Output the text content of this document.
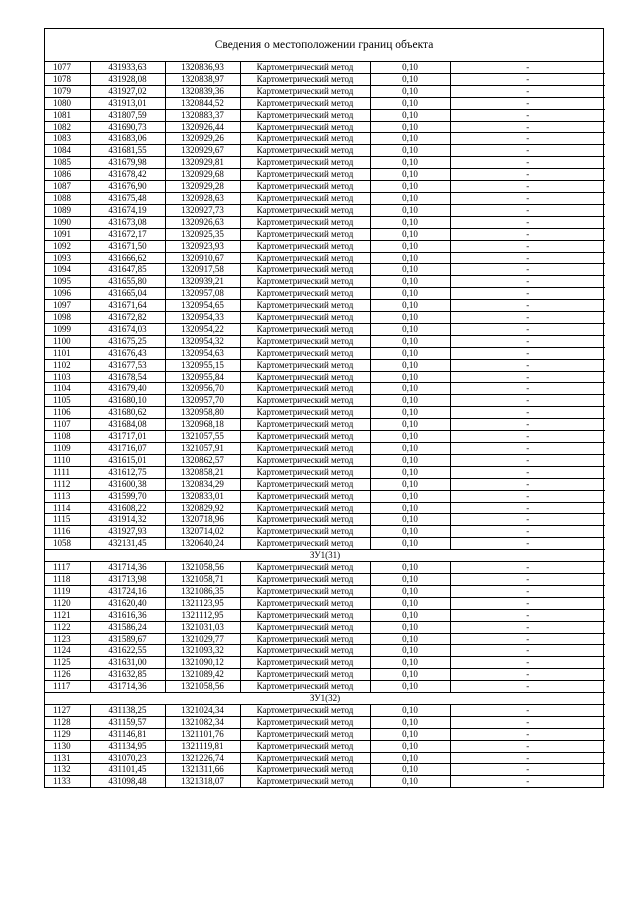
Сведения о местоположении границ объекта
1077	431933,63	1320836,93	Картометрический метод	0,10	-
1078	431928,08	1320838,97	Картометрический метод	0,10	-
1079	431927,02	1320839,36	Картометрический метод	0,10	-
1080	431913,01	1320844,52	Картометрический метод	0,10	-
1081	431807,59	1320883,37	Картометрический метод	0,10	-
1082	431690,73	1320926,44	Картометрический метод	0,10	-
1083	431683,06	1320929,26	Картометрический метод	0,10	-
1084	431681,55	1320929,67	Картометрический метод	0,10	-
1085	431679,98	1320929,81	Картометрический метод	0,10	-
1086	431678,42	1320929,68	Картометрический метод	0,10	-
1087	431676,90	1320929,28	Картометрический метод	0,10	-
1088	431675,48	1320928,63	Картометрический метод	0,10	-
1089	431674,19	1320927,73	Картометрический метод	0,10	-
1090	431673,08	1320926,63	Картометрический метод	0,10	-
1091	431672,17	1320925,35	Картометрический метод	0,10	-
1092	431671,50	1320923,93	Картометрический метод	0,10	-
1093	431666,62	1320910,67	Картометрический метод	0,10	-
1094	431647,85	1320917,58	Картометрический метод	0,10	-
1095	431655,80	1320939,21	Картометрический метод	0,10	-
1096	431665,04	1320957,08	Картометрический метод	0,10	-
1097	431671,64	1320954,65	Картометрический метод	0,10	-
1098	431672,82	1320954,33	Картометрический метод	0,10	-
1099	431674,03	1320954,22	Картометрический метод	0,10	-
1100	431675,25	1320954,32	Картометрический метод	0,10	-
1101	431676,43	1320954,63	Картометрический метод	0,10	-
1102	431677,53	1320955,15	Картометрический метод	0,10	-
1103	431678,54	1320955,84	Картометрический метод	0,10	-
1104	431679,40	1320956,70	Картометрический метод	0,10	-
1105	431680,10	1320957,70	Картометрический метод	0,10	-
1106	431680,62	1320958,80	Картометрический метод	0,10	-
1107	431684,08	1320968,18	Картометрический метод	0,10	-
1108	431717,01	1321057,55	Картометрический метод	0,10	-
1109	431716,07	1321057,91	Картометрический метод	0,10	-
1110	431615,01	1320862,57	Картометрический метод	0,10	-
1111	431612,75	1320858,21	Картометрический метод	0,10	-
1112	431600,38	1320834,29	Картометрический метод	0,10	-
1113	431599,70	1320833,01	Картометрический метод	0,10	-
1114	431608,22	1320829,92	Картометрический метод	0,10	-
1115	431914,32	1320718,96	Картометрический метод	0,10	-
1116	431927,93	1320714,02	Картометрический метод	0,10	-
1058	432131,45	1320640,24	Картометрический метод	0,10	-
ЗУ1(31)					
1117	431714,36	1321058,56	Картометрический метод	0,10	-
1118	431713,98	1321058,71	Картометрический метод	0,10	-
1119	431724,16	1321086,35	Картометрический метод	0,10	-
1120	431620,40	1321123,95	Картометрический метод	0,10	-
1121	431616,36	1321112,95	Картометрический метод	0,10	-
1122	431586,24	1321031,03	Картометрический метод	0,10	-
1123	431589,67	1321029,77	Картометрический метод	0,10	-
1124	431622,55	1321093,32	Картометрический метод	0,10	-
1125	431631,00	1321090,12	Картометрический метод	0,10	-
1126	431632,85	1321089,42	Картометрический метод	0,10	-
1117	431714,36	1321058,56	Картометрический метод	0,10	-
ЗУ1(32)					
1127	431138,25	1321024,34	Картометрический метод	0,10	-
1128	431159,57	1321082,34	Картометрический метод	0,10	-
1129	431146,81	1321101,76	Картометрический метод	0,10	-
1130	431134,95	1321119,81	Картометрический метод	0,10	-
1131	431070,23	1321226,74	Картометрический метод	0,10	-
1132	431101,45	1321311,66	Картометрический метод	0,10	-
1133	431098,48	1321318,07	Картометрический метод	0,10	-
